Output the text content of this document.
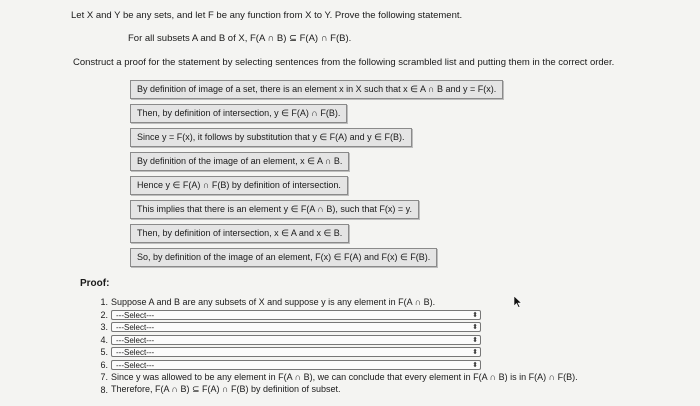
Let X and Y be any sets, and let F be any function from X to Y. Prove the following statement.
For all subsets A and B of X, F(A ∩ B) ⊆ F(A) ∩ F(B).
Construct a proof for the statement by selecting sentences from the following scrambled list and putting them in the correct order.
By definition of image of a set, there is an element x in X such that x ∈ A ∩ B and y = F(x).
Then, by definition of intersection, y ∈ F(A) ∩ F(B).
Since y = F(x), it follows by substitution that y ∈ F(A) and y ∈ F(B).
By definition of the image of an element, x ∈ A ∩ B.
Hence y ∈ F(A) ∩ F(B) by definition of intersection.
This implies that there is an element y ∈ F(A ∩ B), such that F(x) = y.
Then, by definition of intersection, x ∈ A and x ∈ B.
So, by definition of the image of an element, F(x) ∈ F(A) and F(x) ∈ F(B).
Proof:
1. Suppose A and B are any subsets of X and suppose y is any element in F(A ∩ B).
2.	---Select---	⬍
3.	---Select---	⬍
4.	---Select---	⬍
5.	---Select---	⬍
6.	---Select---	⬍
7. Since y was allowed to be any element in F(A ∩ B), we can conclude that every element in F(A ∩ B) is in F(A) ∩ F(B).
8. Therefore, F(A ∩ B) ⊆ F(A) ∩ F(B) by definition of subset.
